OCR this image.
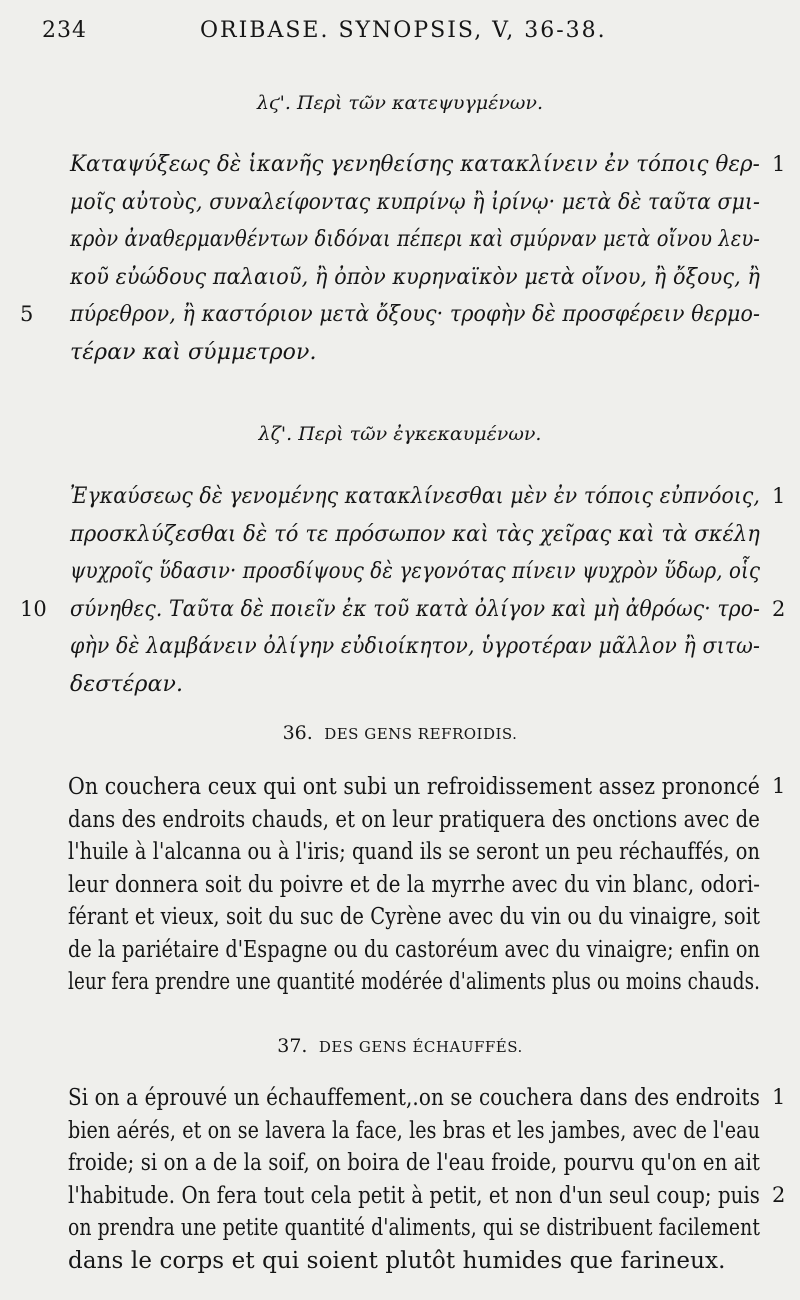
234	ORIBASE. SYNOPSIS, V, 36-38.
λϛ'. Περὶ τῶν κατεψυγμένων.
Καταψύξεως δὲ ἱκανῆς γενηθείσης κατακλίνειν ἐν τόποις θερ- 1
μοῖς αὐτοὺς, συναλείφοντας κυπρίνῳ ἢ ἰρίνῳ· μετὰ δὲ ταῦτα σμι-
κρὸν ἀναθερμανθέντων διδόναι πέπερι καὶ σμύρναν μετὰ οἴνου λευ-
κοῦ εὐώδους παλαιοῦ, ἢ ὀπὸν κυρηναϊκὸν μετὰ οἴνου, ἢ ὄξους, ἢ
πύρεθρον, ἢ καστόριον μετὰ ὄξους· τροφὴν δὲ προσφέρειν θερμο-
5
τέραν καὶ σύμμετρον.
λζ'. Περὶ τῶν ἐγκεκαυμένων.
Ἐγκαύσεως δὲ γενομένης κατακλίνεσθαι μὲν ἐν τόποις εὐπνόοις, 1
προσκλύζεσθαι δὲ τό τε πρόσωπον καὶ τὰς χεῖρας καὶ τὰ σκέλη
ψυχροῖς ὕδασιν· προσδίψους δὲ γεγονότας πίνειν ψυχρὸν ὕδωρ, οἷς
σύνηθες. Ταῦτα δὲ ποιεῖν ἐκ τοῦ κατὰ ὀλίγον καὶ μὴ ἀθρόως· τρο-
10	2
φὴν δὲ λαμβάνειν ὀλίγην εὐδιοίκητον, ὑγροτέραν μᾶλλον ἢ σιτω-
δεστέραν.
36. DES GENS REFROIDIS.
On couchera ceux qui ont subi un refroidissement assez prononcé 1
dans des endroits chauds, et on leur pratiquera des onctions avec de
l'huile à l'alcanna ou à l'iris; quand ils se seront un peu réchauffés, on
leur donnera soit du poivre et de la myrrhe avec du vin blanc, odori-
férant et vieux, soit du suc de Cyrène avec du vin ou du vinaigre, soit
de la pariétaire d'Espagne ou du castoréum avec du vinaigre; enfin on
leur fera prendre une quantité modérée d'aliments plus ou moins chauds.
37. DES GENS ÉCHAUFFÉS.
Si on a éprouvé un échauffement,.on se couchera dans des endroits 1
bien aérés, et on se lavera la face, les bras et les jambes, avec de l'eau
froide; si on a de la soif, on boira de l'eau froide, pourvu qu'on en ait
l'habitude. On fera tout cela petit à petit, et non d'un seul coup; puis 2
on prendra une petite quantité d'aliments, qui se distribuent facilement
dans le corps et qui soient plutôt humides que farineux.
